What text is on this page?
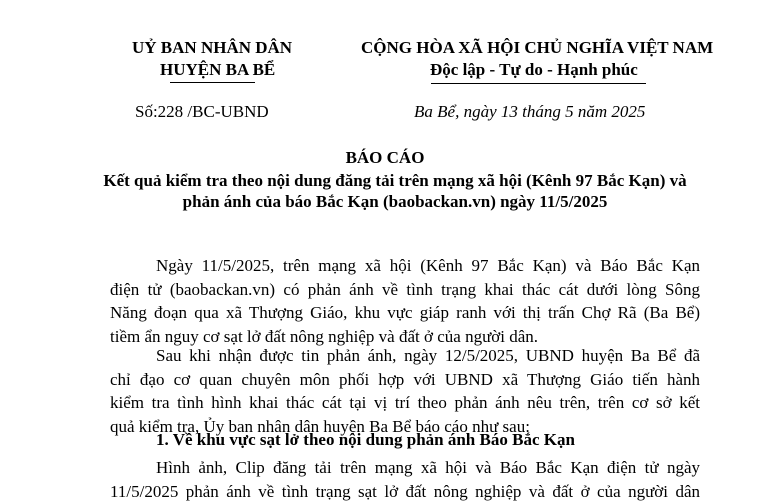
UỶ BAN NHÂN DÂN
HUYỆN BA BỂ
CỘNG HÒA XÃ HỘI CHỦ NGHĨA VIỆT NAM
Độc lập - Tự do - Hạnh phúc
Số:228 /BC-UBND	Ba Bể, ngày 13 tháng 5 năm 2025
BÁO CÁO
Kết quả kiểm tra theo nội dung đăng tải trên mạng xã hội (Kênh 97 Bắc Kạn) và phản ánh của báo Bắc Kạn (baobackan.vn) ngày 11/5/2025
Ngày 11/5/2025, trên mạng xã hội (Kênh 97 Bắc Kạn) và Báo Bắc Kạn
điện tử (baobackan.vn) có phản ánh về tình trạng khai thác cát dưới lòng Sông
Năng đoạn qua xã Thượng Giáo, khu vực giáp ranh với thị trấn Chợ Rã (Ba Bể)
tiềm ẩn nguy cơ sạt lở đất nông nghiệp và đất ở của người dân.
Sau khi nhận được tin phản ánh, ngày 12/5/2025, UBND huyện Ba Bể đã
chỉ đạo cơ quan chuyên môn phối hợp với UBND xã Thượng Giáo tiến hành
kiểm tra tình hình khai thác cát tại vị trí theo phản ánh nêu trên, trên cơ sở kết
quả kiểm tra, Ủy ban nhân dân huyện Ba Bể báo cáo như sau:
1. Về khu vực sạt lở theo nội dung phản ánh Báo Bắc Kạn
Hình ảnh, Clip đăng tải trên mạng xã hội và Báo Bắc Kạn điện tử ngày
11/5/2025 phản ánh về tình trạng sạt lở đất nông nghiệp và đất ở của người dân
